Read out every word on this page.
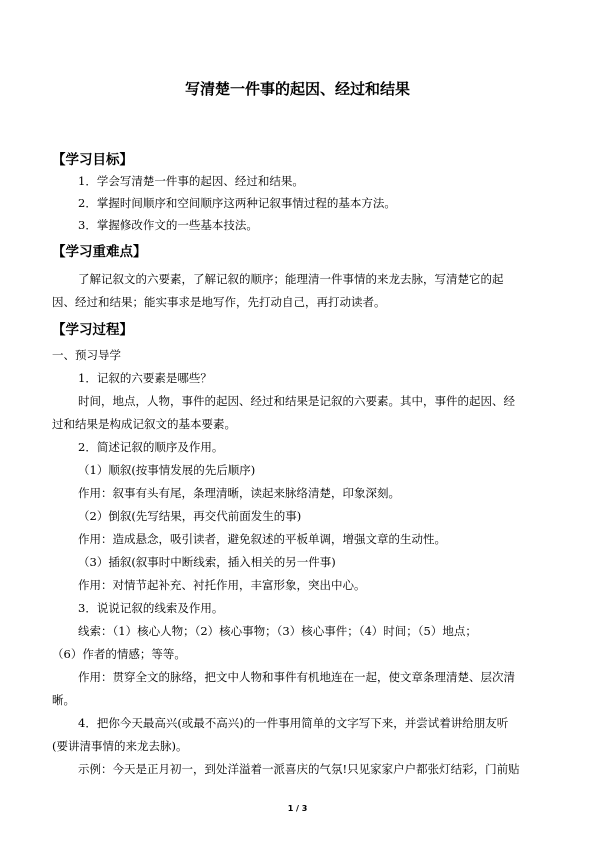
写清楚一件事的起因、经过和结果
【学习目标】
1．学会写清楚一件事的起因、经过和结果。
2．掌握时间顺序和空间顺序这两种记叙事情过程的基本方法。
3．掌握修改作文的一些基本技法。
【学习重难点】
了解记叙文的六要素，了解记叙的顺序；能理清一件事情的来龙去脉，写清楚它的起
因、经过和结果；能实事求是地写作，先打动自己，再打动读者。
【学习过程】
一、预习导学
1．记叙的六要素是哪些？
时间，地点，人物，事件的起因、经过和结果是记叙的六要素。其中，事件的起因、经
过和结果是构成记叙文的基本要素。
2．简述记叙的顺序及作用。
（1）顺叙(按事情发展的先后顺序)
作用：叙事有头有尾，条理清晰，读起来脉络清楚，印象深刻。
（2）倒叙(先写结果，再交代前面发生的事)
作用：造成悬念，吸引读者，避免叙述的平板单调，增强文章的生动性。
（3）插叙(叙事时中断线索，插入相关的另一件事)
作用：对情节起补充、衬托作用，丰富形象，突出中心。
3．说说记叙的线索及作用。
线索：（1）核心人物；（2）核心事物；（3）核心事件；（4）时间；（5）地点；
（6）作者的情感；等等。
作用：贯穿全文的脉络，把文中人物和事件有机地连在一起，使文章条理清楚、层次清
晰。
4．把你今天最高兴(或最不高兴)的一件事用简单的文字写下来，并尝试着讲给朋友听
(要讲清事情的来龙去脉)。
示例：今天是正月初一，到处洋溢着一派喜庆的气氛!只见家家户户都张灯结彩，门前贴
1 / 3
